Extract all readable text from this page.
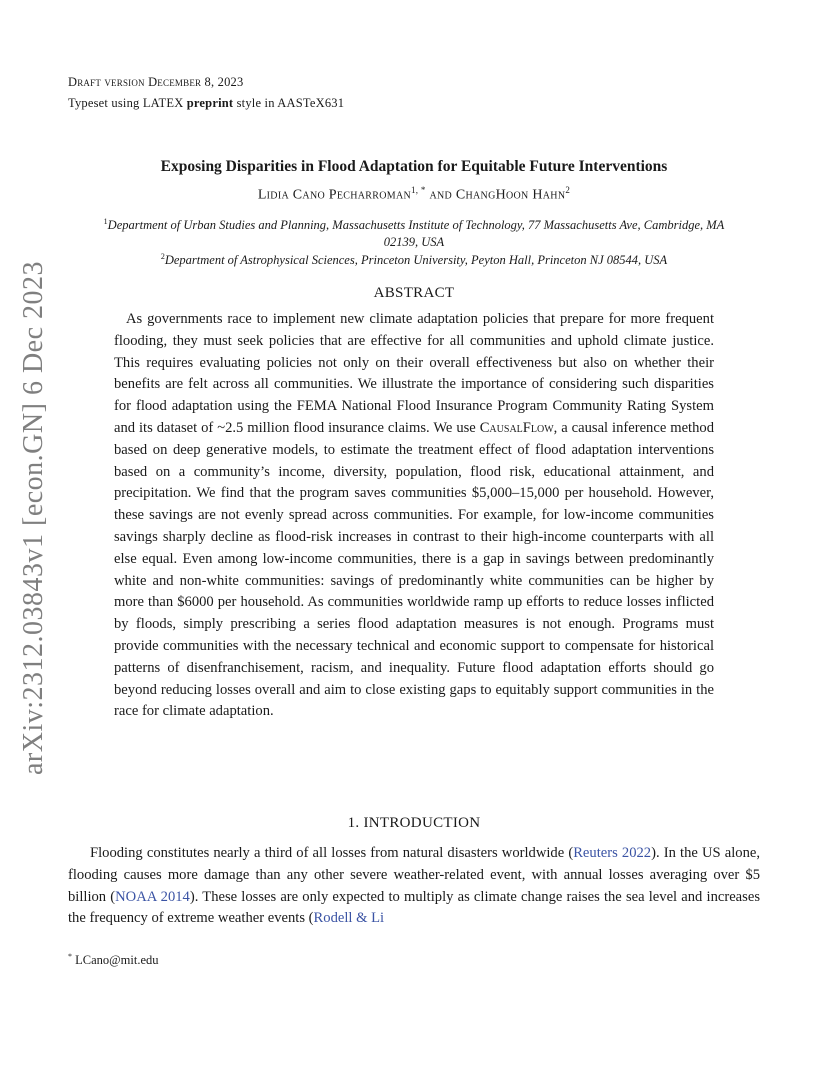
Draft version December 8, 2023
Typeset using LATEX preprint style in AASTeX631
Exposing Disparities in Flood Adaptation for Equitable Future Interventions
Lidia Cano Pecharroman$^{1, *}$ and ChangHoon Hahn$^2$
$^1$Department of Urban Studies and Planning, Massachusetts Institute of Technology, 77 Massachusetts Ave, Cambridge, MA 02139, USA
$^2$Department of Astrophysical Sciences, Princeton University, Peyton Hall, Princeton NJ 08544, USA
ABSTRACT
As governments race to implement new climate adaptation policies that prepare for more frequent flooding, they must seek policies that are effective for all communities and uphold climate justice. This requires evaluating policies not only on their overall effectiveness but also on whether their benefits are felt across all communities. We illustrate the importance of considering such disparities for flood adaptation using the FEMA National Flood Insurance Program Community Rating System and its dataset of ~2.5 million flood insurance claims. We use CausalFlow, a causal inference method based on deep generative models, to estimate the treatment effect of flood adaptation interventions based on a community’s income, diversity, population, flood risk, educational attainment, and precipitation. We find that the program saves communities $5,000–15,000 per household. However, these savings are not evenly spread across communities. For example, for low-income communities savings sharply decline as flood-risk increases in contrast to their high-income counterparts with all else equal. Even among low-income communities, there is a gap in savings between predominantly white and non-white communities: savings of predominantly white communities can be higher by more than $6000 per household. As communities worldwide ramp up efforts to reduce losses inflicted by floods, simply prescribing a series flood adaptation measures is not enough. Programs must provide communities with the necessary technical and economic support to compensate for historical patterns of disenfranchisement, racism, and inequality. Future flood adaptation efforts should go beyond reducing losses overall and aim to close existing gaps to equitably support communities in the race for climate adaptation.
1. INTRODUCTION
Flooding constitutes nearly a third of all losses from natural disasters worldwide (Reuters 2022). In the US alone, flooding causes more damage than any other severe weather-related event, with annual losses averaging over $5 billion (NOAA 2014). These losses are only expected to multiply as climate change raises the sea level and increases the frequency of extreme weather events (Rodell & Li
* LCano@mit.edu
arXiv:2312.03843v1 [econ.GN] 6 Dec 2023
